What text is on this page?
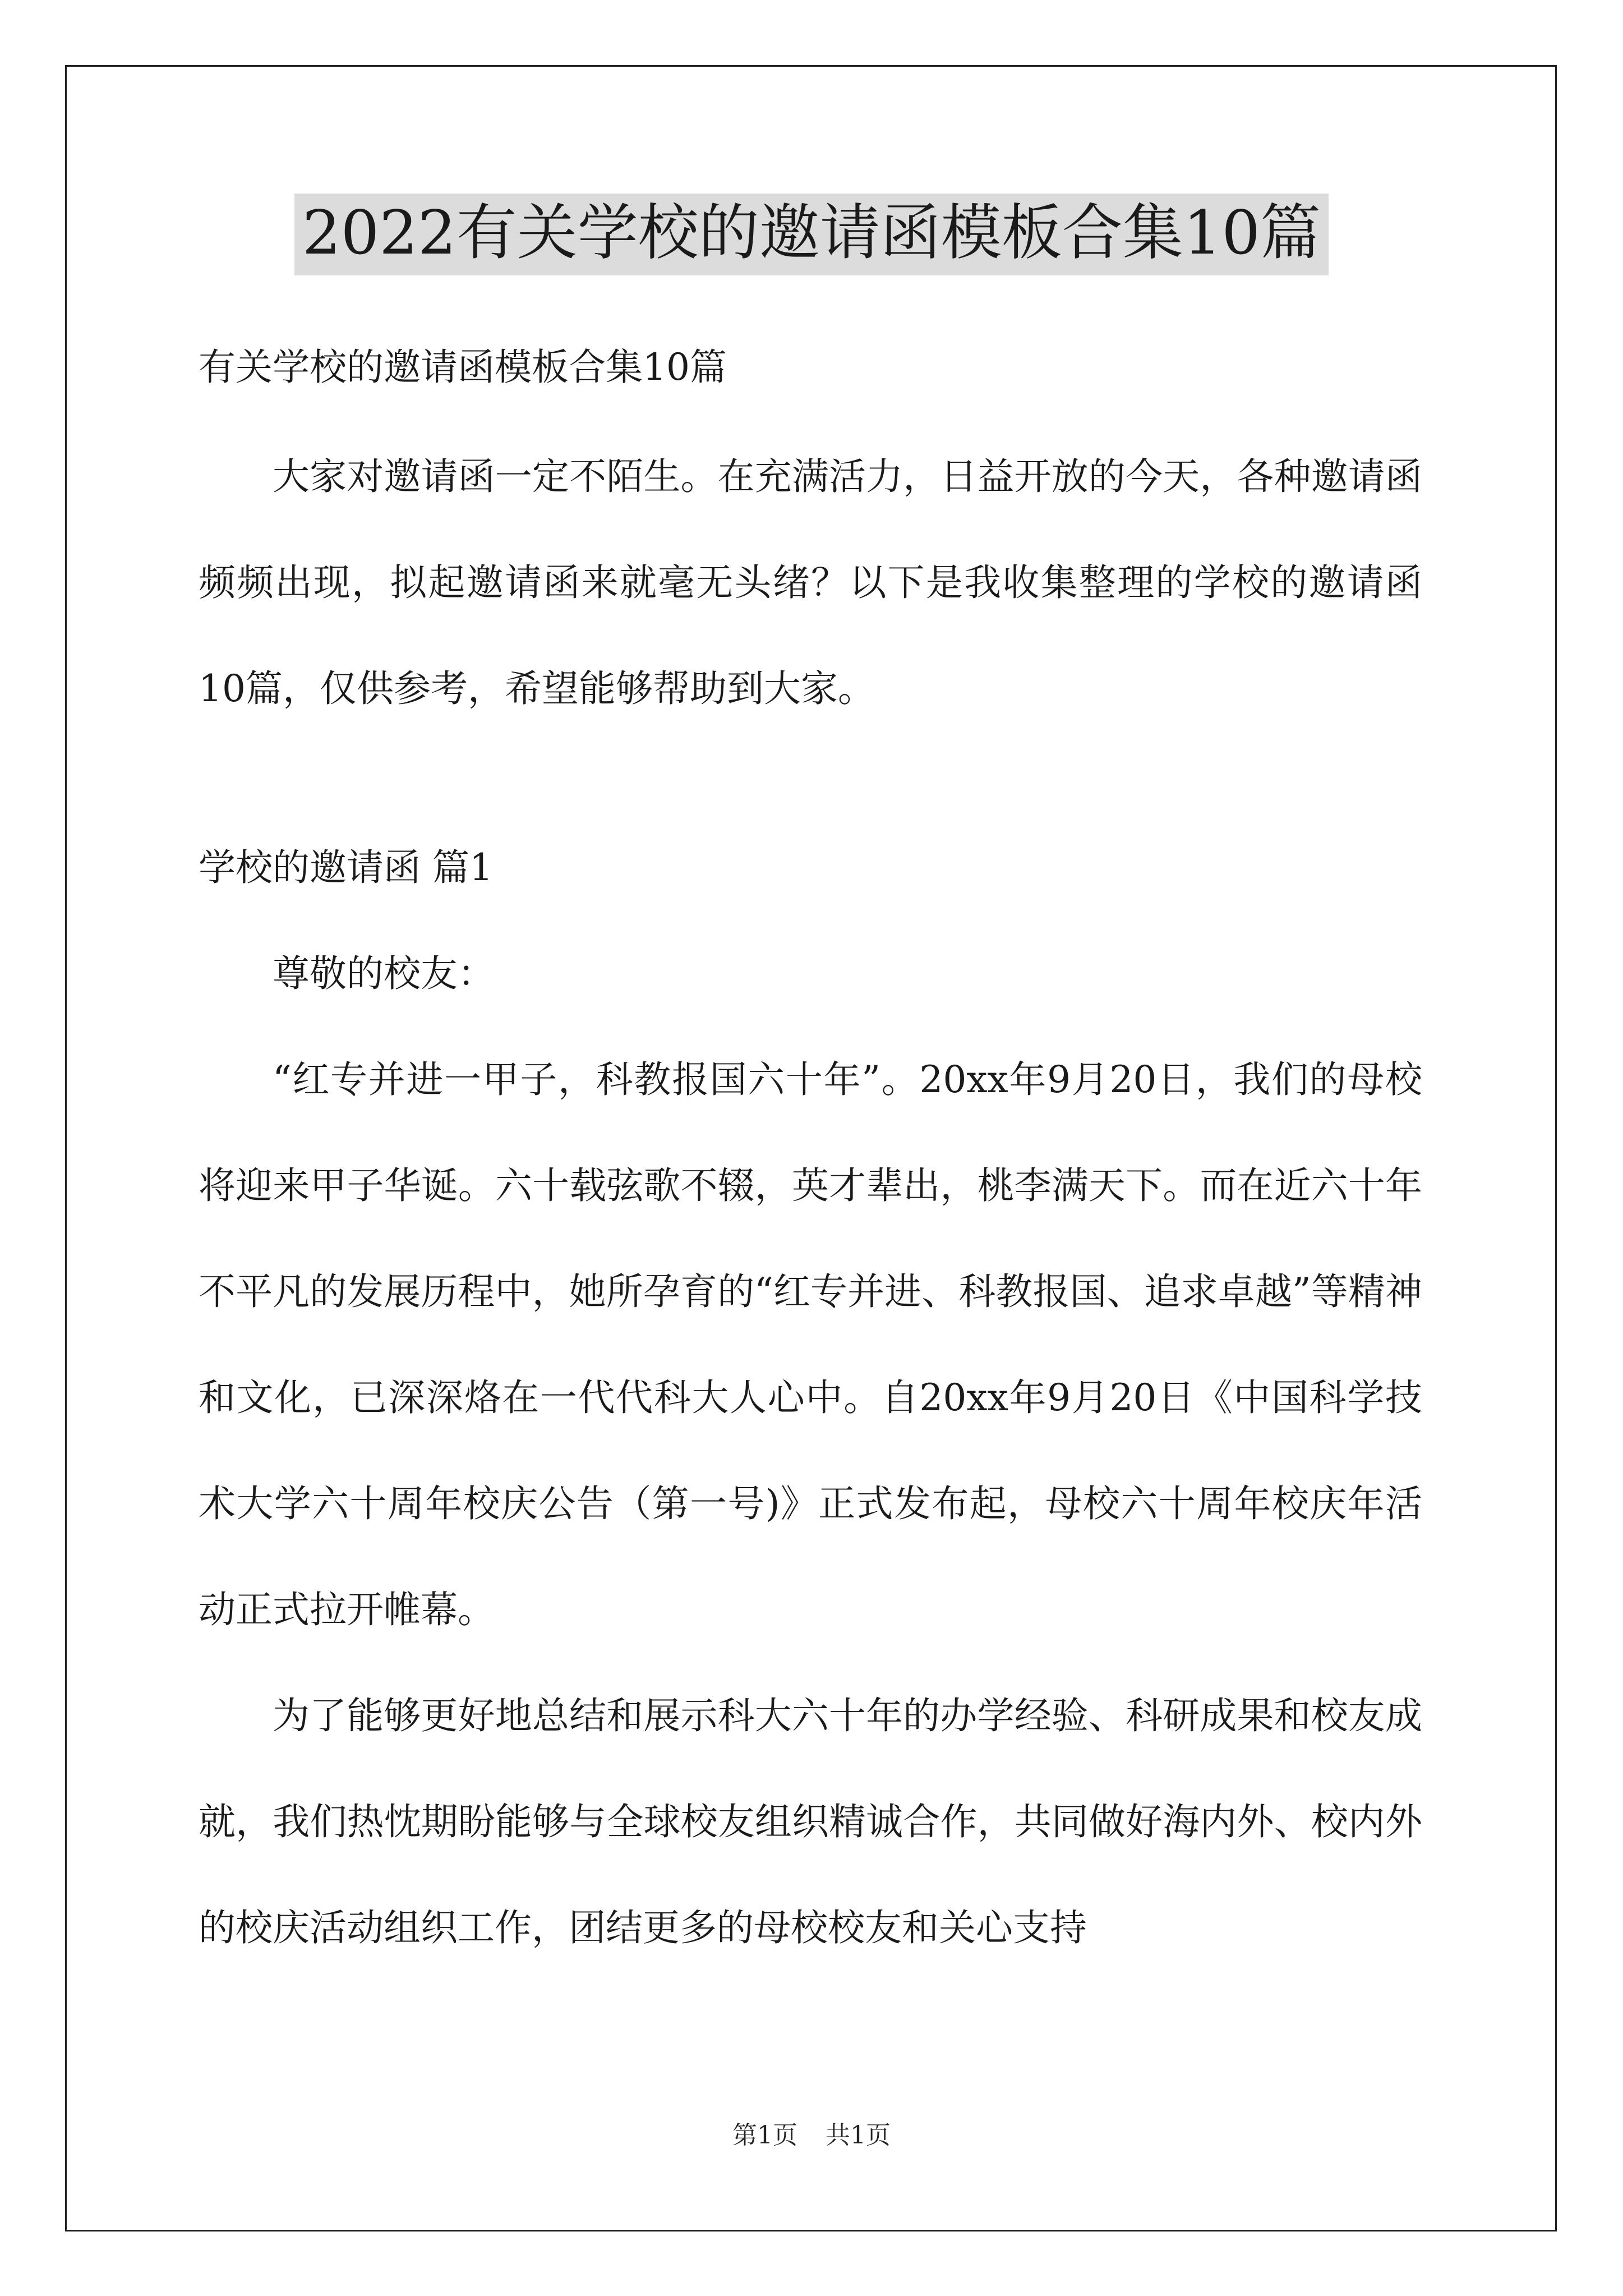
2022有关学校的邀请函模板合集10篇

有关学校的邀请函模板合集10篇

大家对邀请函一定不陌生。在充满活力，日益开放的今天，各种邀请函频频出现，拟起邀请函来就毫无头绪？以下是我收集整理的学校的邀请函10篇，仅供参考，希望能够帮助到大家。

学校的邀请函 篇1

尊敬的校友：

“红专并进一甲子，科教报国六十年”。20xx年9月20日，我们的母校将迎来甲子华诞。六十载弦歌不辍，英才辈出，桃李满天下。而在近六十年不平凡的发展历程中，她所孕育的“红专并进、科教报国、追求卓越”等精神和文化，已深深烙在一代代科大人心中。自20xx年9月20日《中国科学技术大学六十周年校庆公告（第一号)》正式发布起，母校六十周年校庆年活动正式拉开帷幕。

为了能够更好地总结和展示科大六十年的办学经验、科研成果和校友成就，我们热忱期盼能够与全球校友组织精诚合作，共同做好海内外、校内外的校庆活动组织工作，团结更多的母校校友和关心支持

第1页 共1页
